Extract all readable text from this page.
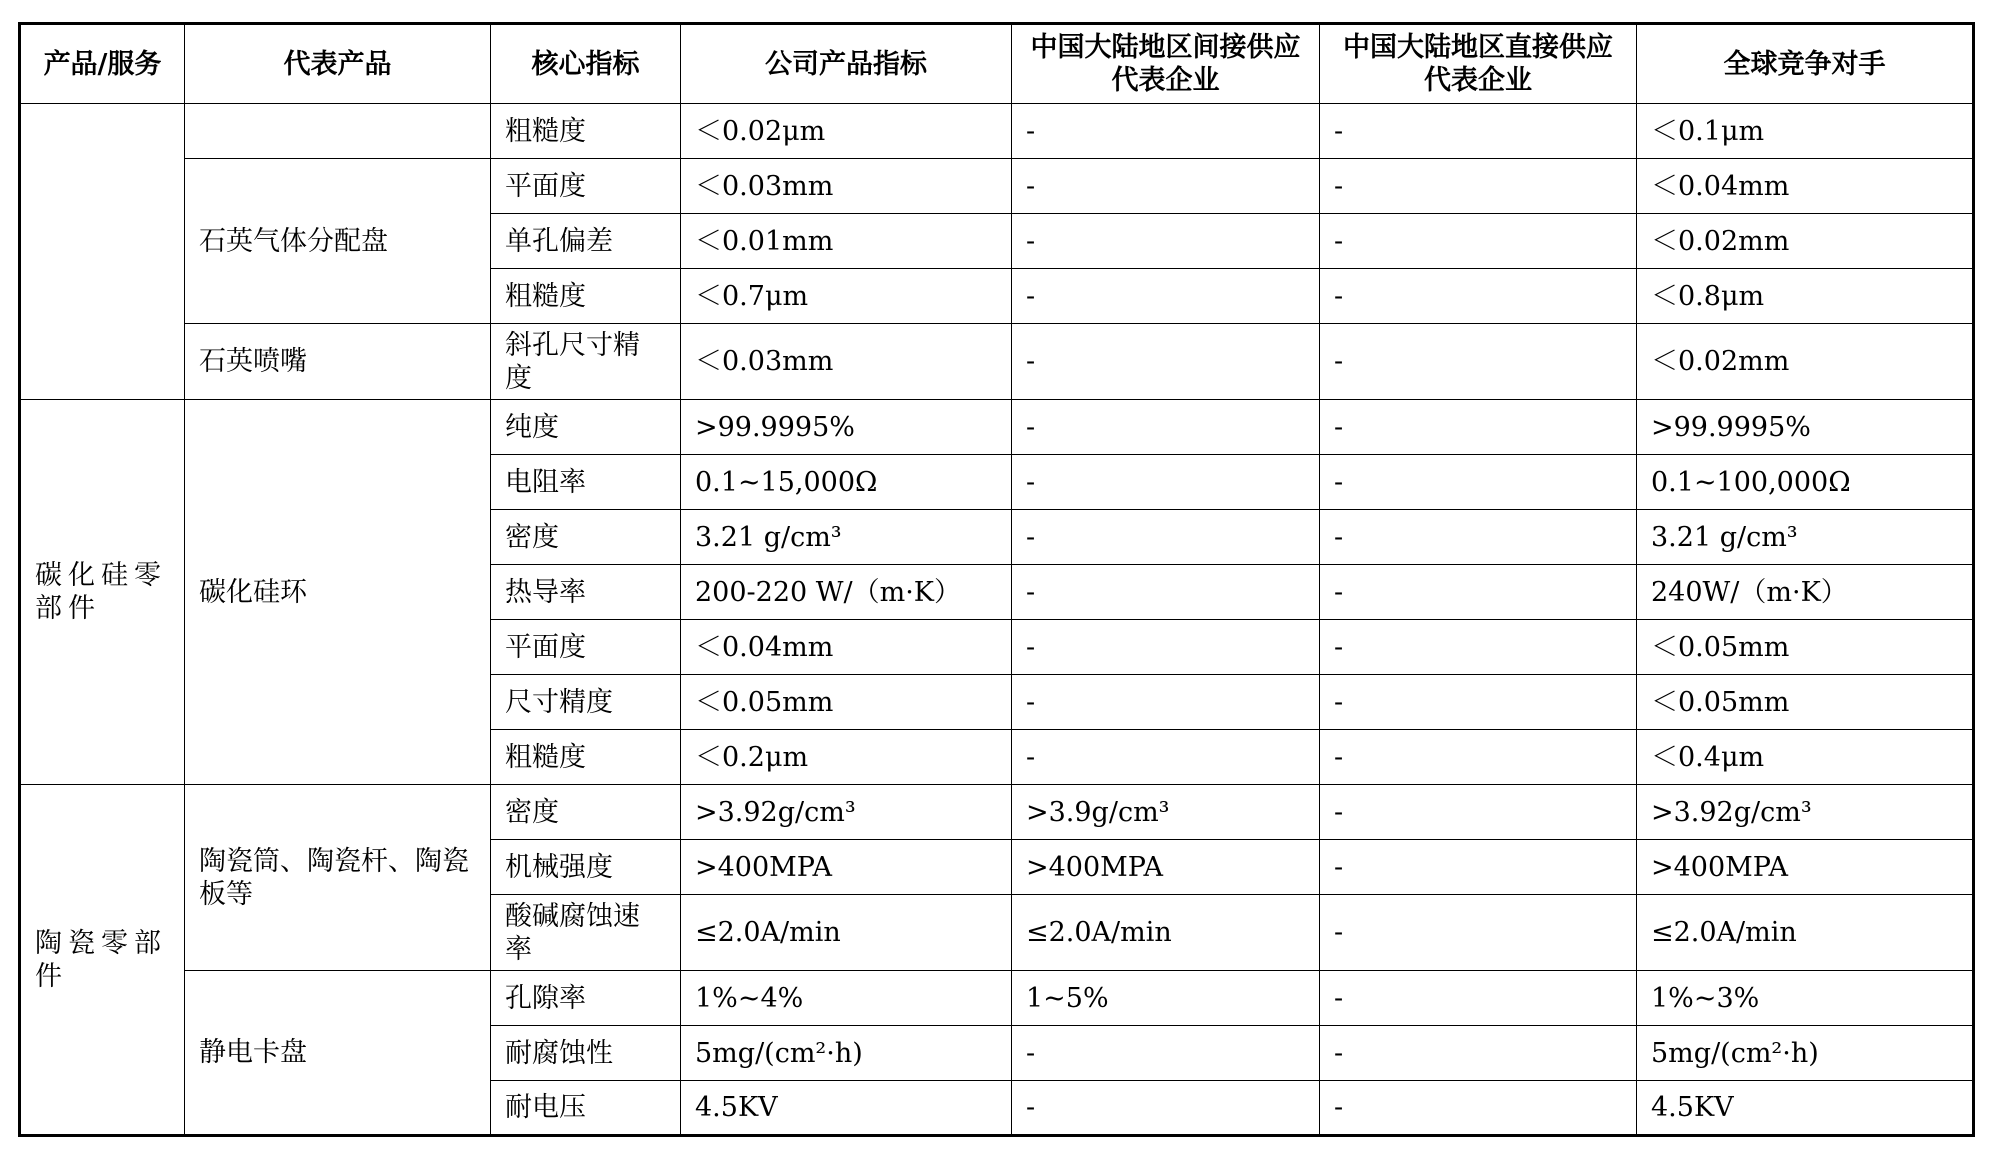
产品/服务	代表产品	核心指标	公司产品指标	中国大陆地区间接供应代表企业	中国大陆地区直接供应代表企业	全球竞争对手
		粗糙度	＜0.02μm	-	-	＜0.1μm
	石英气体分配盘	平面度	＜0.03mm	-	-	＜0.04mm
		单孔偏差	＜0.01mm	-	-	＜0.02mm
		粗糙度	＜0.7μm	-	-	＜0.8μm
	石英喷嘴	斜孔尺寸精度	＜0.03mm	-	-	＜0.02mm
碳化硅零部件	碳化硅环	纯度	>99.9995%	-	-	>99.9995%
		电阻率	0.1~15,000Ω	-	-	0.1~100,000Ω
		密度	3.21 g/cm³	-	-	3.21 g/cm³
		热导率	200-220 W/（m·K）	-	-	240W/（m·K）
		平面度	＜0.04mm	-	-	＜0.05mm
		尺寸精度	＜0.05mm	-	-	＜0.05mm
		粗糙度	＜0.2μm	-	-	＜0.4μm
陶瓷零部件	陶瓷筒、陶瓷杆、陶瓷板等	密度	>3.92g/cm³	>3.9g/cm³	-	>3.92g/cm³
		机械强度	>400MPA	>400MPA	-	>400MPA
		酸碱腐蚀速率	≤2.0A/min	≤2.0A/min	-	≤2.0A/min
	静电卡盘	孔隙率	1%~4%	1~5%	-	1%~3%
		耐腐蚀性	5mg/(cm²·h)	-	-	5mg/(cm²·h)
		耐电压	4.5KV	-	-	4.5KV
